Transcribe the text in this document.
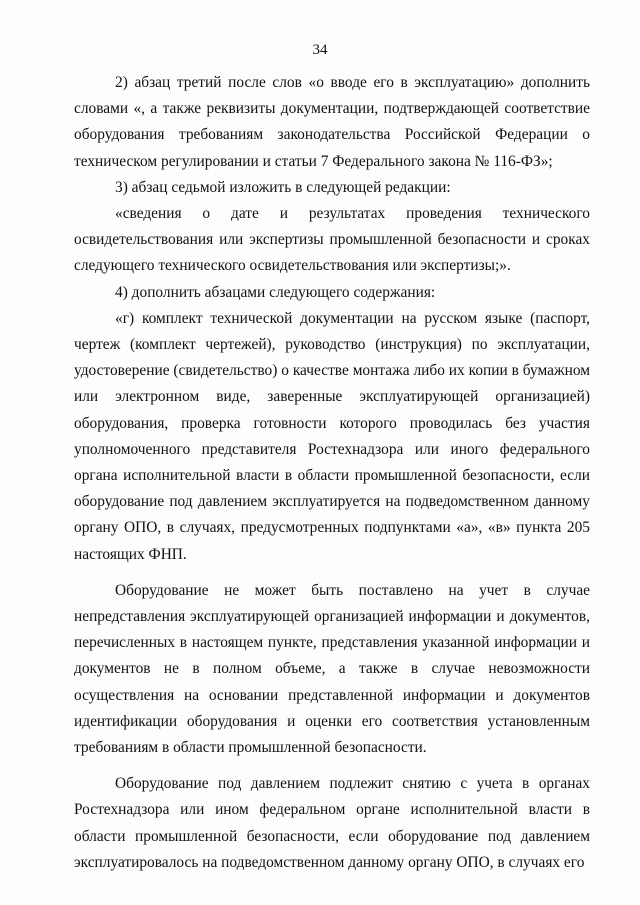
34

2) абзац третий после слов «о вводе его в эксплуатацию» дополнить словами «, а также реквизиты документации, подтверждающей соответствие оборудования требованиям законодательства Российской Федерации о техническом регулировании и статьи 7 Федерального закона № 116-ФЗ»;

3) абзац седьмой изложить в следующей редакции:

«сведения о дате и результатах проведения технического освидетельствования или экспертизы промышленной безопасности и сроках следующего технического освидетельствования или экспертизы;».

4) дополнить абзацами следующего содержания:

«г) комплект технической документации на русском языке (паспорт, чертеж (комплект чертежей), руководство (инструкция) по эксплуатации, удостоверение (свидетельство) о качестве монтажа либо их копии в бумажном или электронном виде, заверенные эксплуатирующей организацией) оборудования, проверка готовности которого проводилась без участия уполномоченного представителя Ростехнадзора или иного федерального органа исполнительной власти в области промышленной безопасности, если оборудование под давлением эксплуатируется на подведомственном данному органу ОПО, в случаях, предусмотренных подпунктами «а», «в» пункта 205 настоящих ФНП.

Оборудование не может быть поставлено на учет в случае непредставления эксплуатирующей организацией информации и документов, перечисленных в настоящем пункте, представления указанной информации и документов не в полном объеме, а также в случае невозможности осуществления на основании представленной информации и документов идентификации оборудования и оценки его соответствия установленным требованиям в области промышленной безопасности.

Оборудование под давлением подлежит снятию с учета в органах Ростехнадзора или ином федеральном органе исполнительной власти в области промышленной безопасности, если оборудование под давлением эксплуатировалось на подведомственном данному органу ОПО, в случаях его
